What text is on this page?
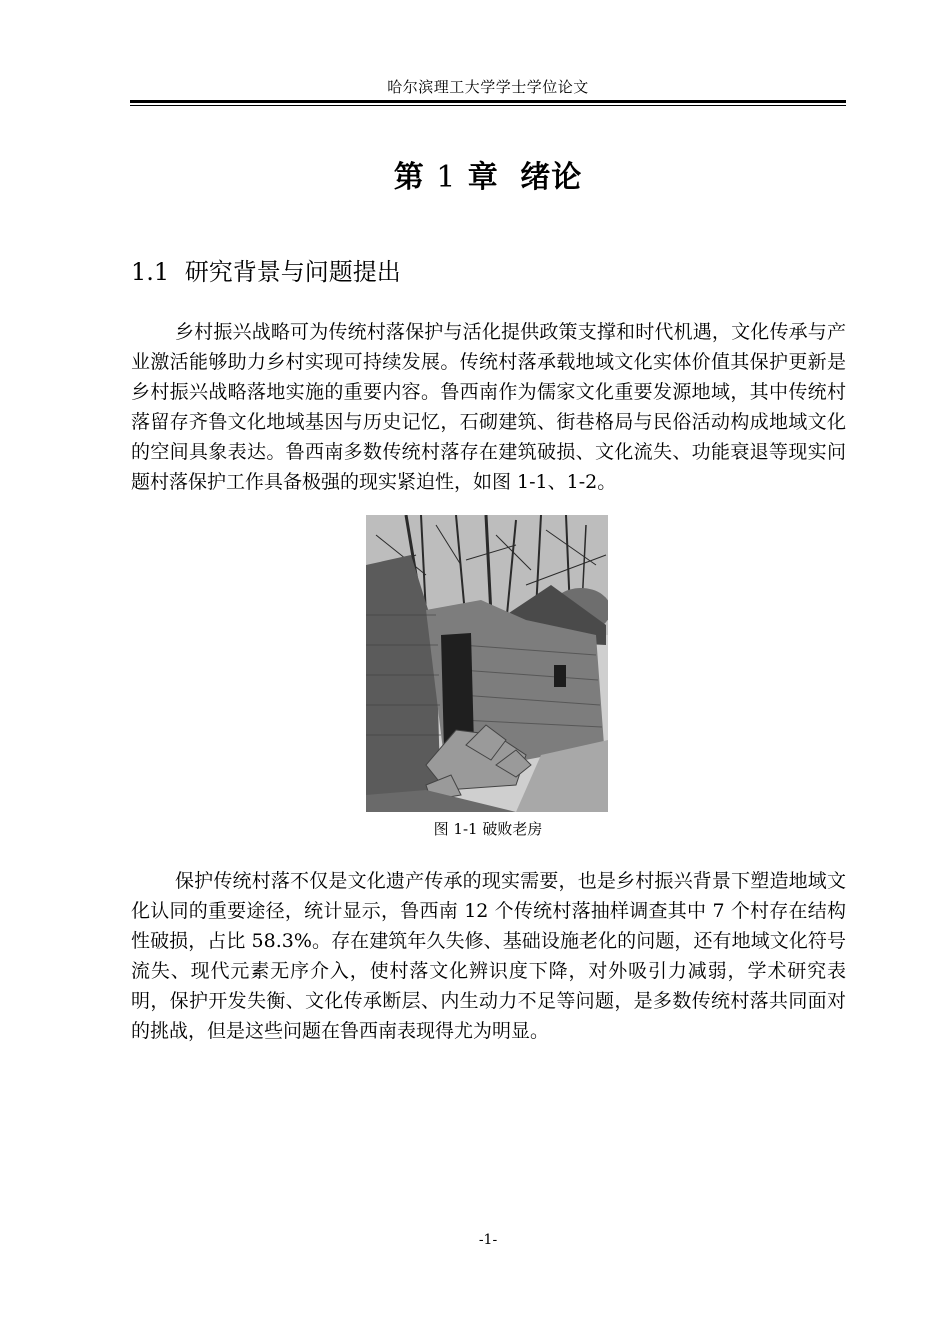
哈尔滨理工大学学士学位论文
第 1 章 绪论
1.1 研究背景与问题提出

乡村振兴战略可为传统村落保护与活化提供政策支撑和时代机遇，文化传承与产业激活能够助力乡村实现可持续发展。传统村落承载地域文化实体价值其保护更新是乡村振兴战略落地实施的重要内容。鲁西南作为儒家文化重要发源地域，其中传统村落留存齐鲁文化地域基因与历史记忆，石砌建筑、街巷格局与民俗活动构成地域文化的空间具象表达。鲁西南多数传统村落存在建筑破损、文化流失、功能衰退等现实问题村落保护工作具备极强的现实紧迫性，如图 1-1、1-2。

图 1-1 破败老房

保护传统村落不仅是文化遗产传承的现实需要，也是乡村振兴背景下塑造地域文化认同的重要途径，统计显示，鲁西南 12 个传统村落抽样调查其中 7 个村存在结构性破损，占比 58.3%。存在建筑年久失修、基础设施老化的问题，还有地域文化符号流失、现代元素无序介入，使村落文化辨识度下降，对外吸引力减弱，学术研究表明，保护开发失衡、文化传承断层、内生动力不足等问题，是多数传统村落共同面对的挑战，但是这些问题在鲁西南表现得尤为明显。

-1-
